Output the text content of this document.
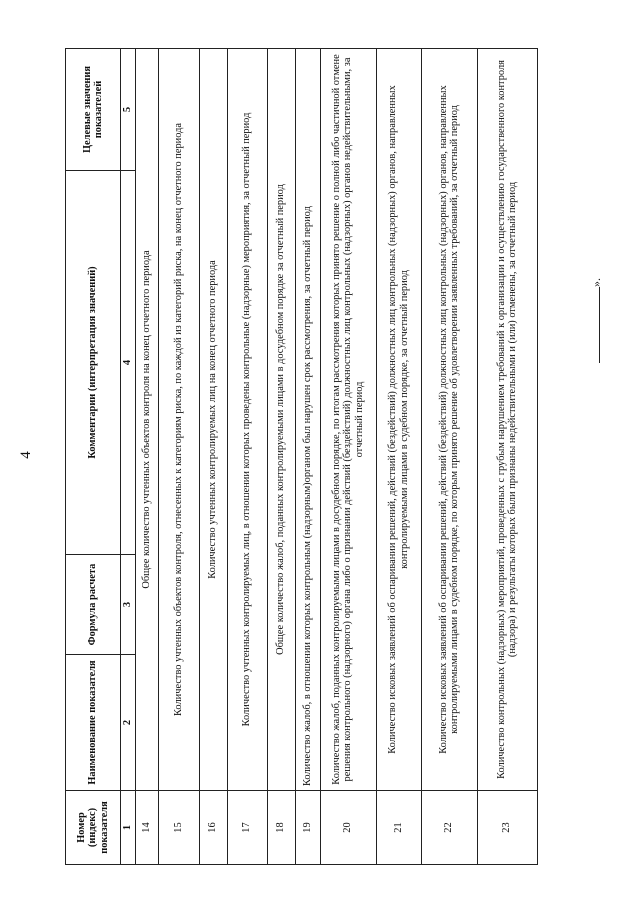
4
Номер (индекс) показателя	Наименование показателя	Формула расчета	Комментарии (интерпретация значений)	Целевые значения показателей
1	2	3	4	5
14	Общее количество учтенных объектов контроля на конец отчетного периода			
15	Количество учтенных объектов контроля, отнесенных к категориям риска, по каждой из категорий риска, на конец отчетного периода			
16	Количество учтенных контролируемых лиц на конец отчетного периода			
17	Количество учтенных контролируемых лиц, в отношении которых проведены контрольные (надзорные) мероприятия, за отчетный период			
18	Общее количество жалоб, поданных контролируемыми лицами в досудебном порядке за отчетный период			
19	Количество жалоб, в отношении которых контрольным (надзорным)органом был нарушен срок рассмотрения, за отчетный период			
20	Количество жалоб, поданных контролируемыми лицами в досудебном порядке, по итогам рассмотрения которых принято решение о полной либо частичной отмене решения контрольного (надзорного) органа либо о признании действий (бездействий) должностных лиц контрольных (надзорных) органов недействительными, за отчетный период			
21	Количество исковых заявлений об оспаривании решений, действий (бездействий) должностных лиц контрольных (надзорных) органов, направленных контролируемыми лицами в судебном порядке, за отчетный период			
22	Количество исковых заявлений об оспаривании решений, действий (бездействий) должностных лиц контрольных (надзорных) органов, направленных контролируемыми лицами в судебном порядке, по которым принято решение об удовлетворении заявленных требований, за отчетный период			
23	Количество контрольных (надзорных) мероприятий, проведенных с грубым нарушением требований к организации и осуществлению государственного контроля (надзора) и результаты которых были признаны недействительными и (или) отменены, за отчетный период				».
